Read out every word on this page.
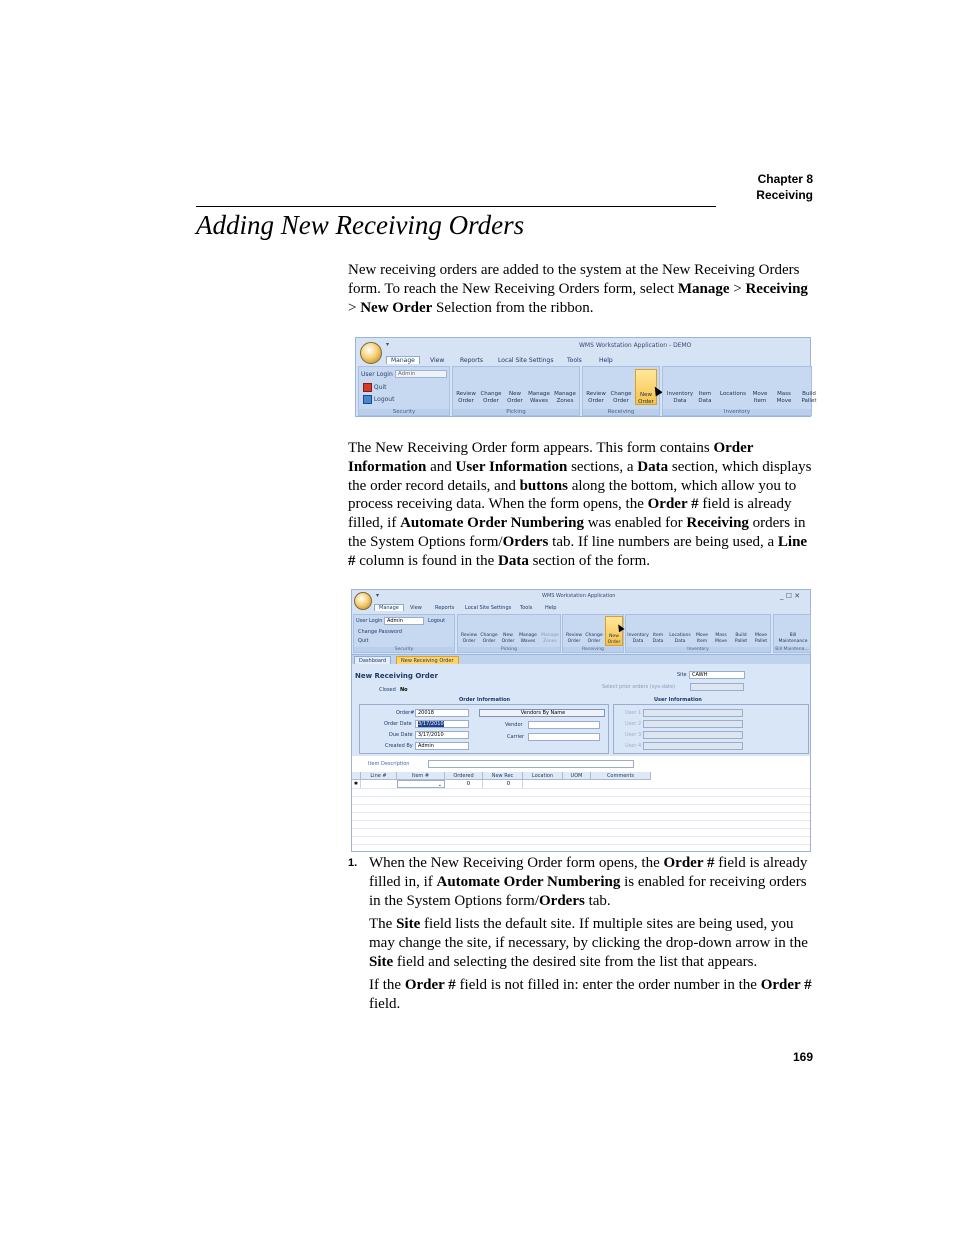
Chapter 8
Receiving
Adding New Receiving Orders
New receiving orders are added to the system at the New Receiving Orders form. To reach the New Receiving Orders form, select Manage > Receiving > New Order Selection from the ribbon.
▾	WMS Workstation Application - DEMO
Manage	View	Reports Local Site Settings Tools	Help
User Login Admin
Quit
Logout
Security
Review Order
Change Order
New Order
Manage Waves
Manage Zones
Picking
Review Order
Change Order
New Order
Receiving
Inventory Data
Item Data
Locations	Move Item
Mass Move
Build Pallet
Inventory
The New Receiving Order form appears. This form contains Order Information and User Information sections, a Data section, which displays the order record details, and buttons along the bottom, which allow you to process receiving data. When the form opens, the Order # field is already filled, if Automate Order Numbering was enabled for Receiving orders in the System Options form/Orders tab. If line numbers are being used, a Line # column is found in the Data section of the form.
▾	WMS Workstation Application	_ ☐ ✕
Manage	View	Reports Local Site Settings Tools	Help
User Login Admin	Logout
Change Password
Quit
Security
Review Order
Change Order
New Order
Manage Waves
Manage Zones
Picking
Review Order
Change Order
New Order
Receiving
Inventory Data
Item Data
Locations Data
Move Item
Mass Move
Build Pallet
Move Pallet
Inventory
Bill Maintenance
Bill Maintena...
Dashboard	New Receiving Order
New Receiving Order
Closed No
Site	CAWH
Select prior orders (sys-date)
Order Information	User Information
Order# 20018
Order Date	3/17/2010
Due Date	3/17/2010
Created By	Admin
Vendors By Name
Vendor
Carrier
User 1
User 2
User 3
User 4
Item Description
Line #	Item #	Ordered	New Rec	Location	UOM	Comments
✱	⌄	0	0
1. When the New Receiving Order form opens, the Order # field is already filled in, if Automate Order Numbering is enabled for receiving orders in the System Options form/Orders tab.
The Site field lists the default site. If multiple sites are being used, you may change the site, if necessary, by clicking the drop-down arrow in the Site field and selecting the desired site from the list that appears.
If the Order # field is not filled in: enter the order number in the Order # field.
169
